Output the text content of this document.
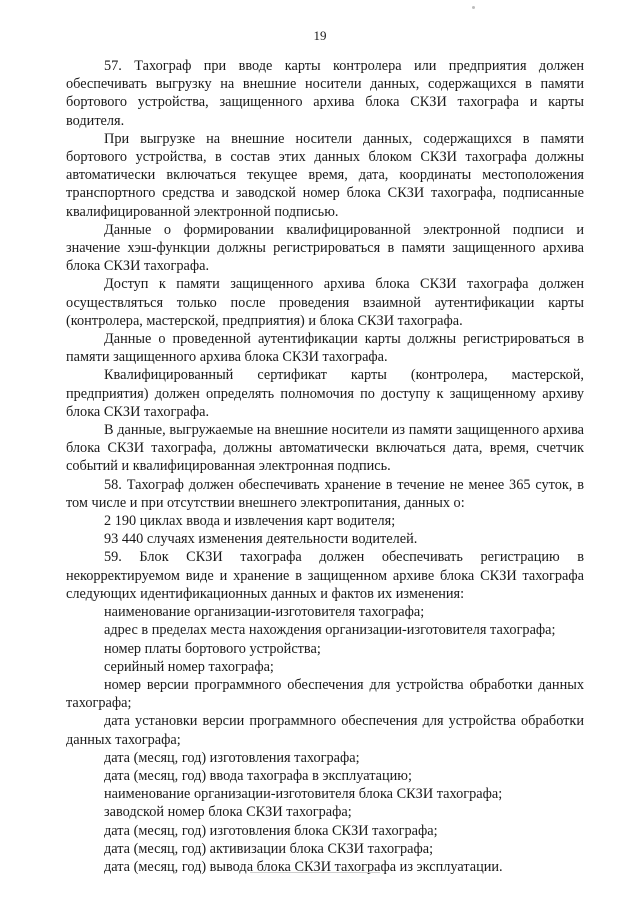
19

57. Тахограф при вводе карты контролера или предприятия должен обеспечивать выгрузку на внешние носители данных, содержащихся в памяти бортового устройства, защищенного архива блока СКЗИ тахографа и карты водителя.

При выгрузке на внешние носители данных, содержащихся в памяти бортового устройства, в состав этих данных блоком СКЗИ тахографа должны автоматически включаться текущее время, дата, координаты местоположения транспортного средства и заводской номер блока СКЗИ тахографа, подписанные квалифицированной электронной подписью.

Данные о формировании квалифицированной электронной подписи и значение хэш-функции должны регистрироваться в памяти защищенного архива блока СКЗИ тахографа.

Доступ к памяти защищенного архива блока СКЗИ тахографа должен осуществляться только после проведения взаимной аутентификации карты (контролера, мастерской, предприятия) и блока СКЗИ тахографа.

Данные о проведенной аутентификации карты должны регистрироваться в памяти защищенного архива блока СКЗИ тахографа.

Квалифицированный сертификат карты (контролера, мастерской, предприятия) должен определять полномочия по доступу к защищенному архиву блока СКЗИ тахографа.

В данные, выгружаемые на внешние носители из памяти защищенного архива блока СКЗИ тахографа, должны автоматически включаться дата, время, счетчик событий и квалифицированная электронная подпись.

58. Тахограф должен обеспечивать хранение в течение не менее 365 суток, в том числе и при отсутствии внешнего электропитания, данных о:

2 190 циклах ввода и извлечения карт водителя;

93 440 случаях изменения деятельности водителей.

59. Блок СКЗИ тахографа должен обеспечивать регистрацию в некорректируемом виде и хранение в защищенном архиве блока СКЗИ тахографа следующих идентификационных данных и фактов их изменения:

наименование организации-изготовителя тахографа;

адрес в пределах места нахождения организации-изготовителя тахографа;

номер платы бортового устройства;

серийный номер тахографа;

номер версии программного обеспечения для устройства обработки данных тахографа;

дата установки версии программного обеспечения для устройства обработки данных тахографа;

дата (месяц, год) изготовления тахографа;

дата (месяц, год) ввода тахографа в эксплуатацию;

наименование организации-изготовителя блока СКЗИ тахографа;

заводской номер блока СКЗИ тахографа;

дата (месяц, год) изготовления блока СКЗИ тахографа;

дата (месяц, год) активизации блока СКЗИ тахографа;

дата (месяц, год) вывода блока СКЗИ тахографа из эксплуатации.
